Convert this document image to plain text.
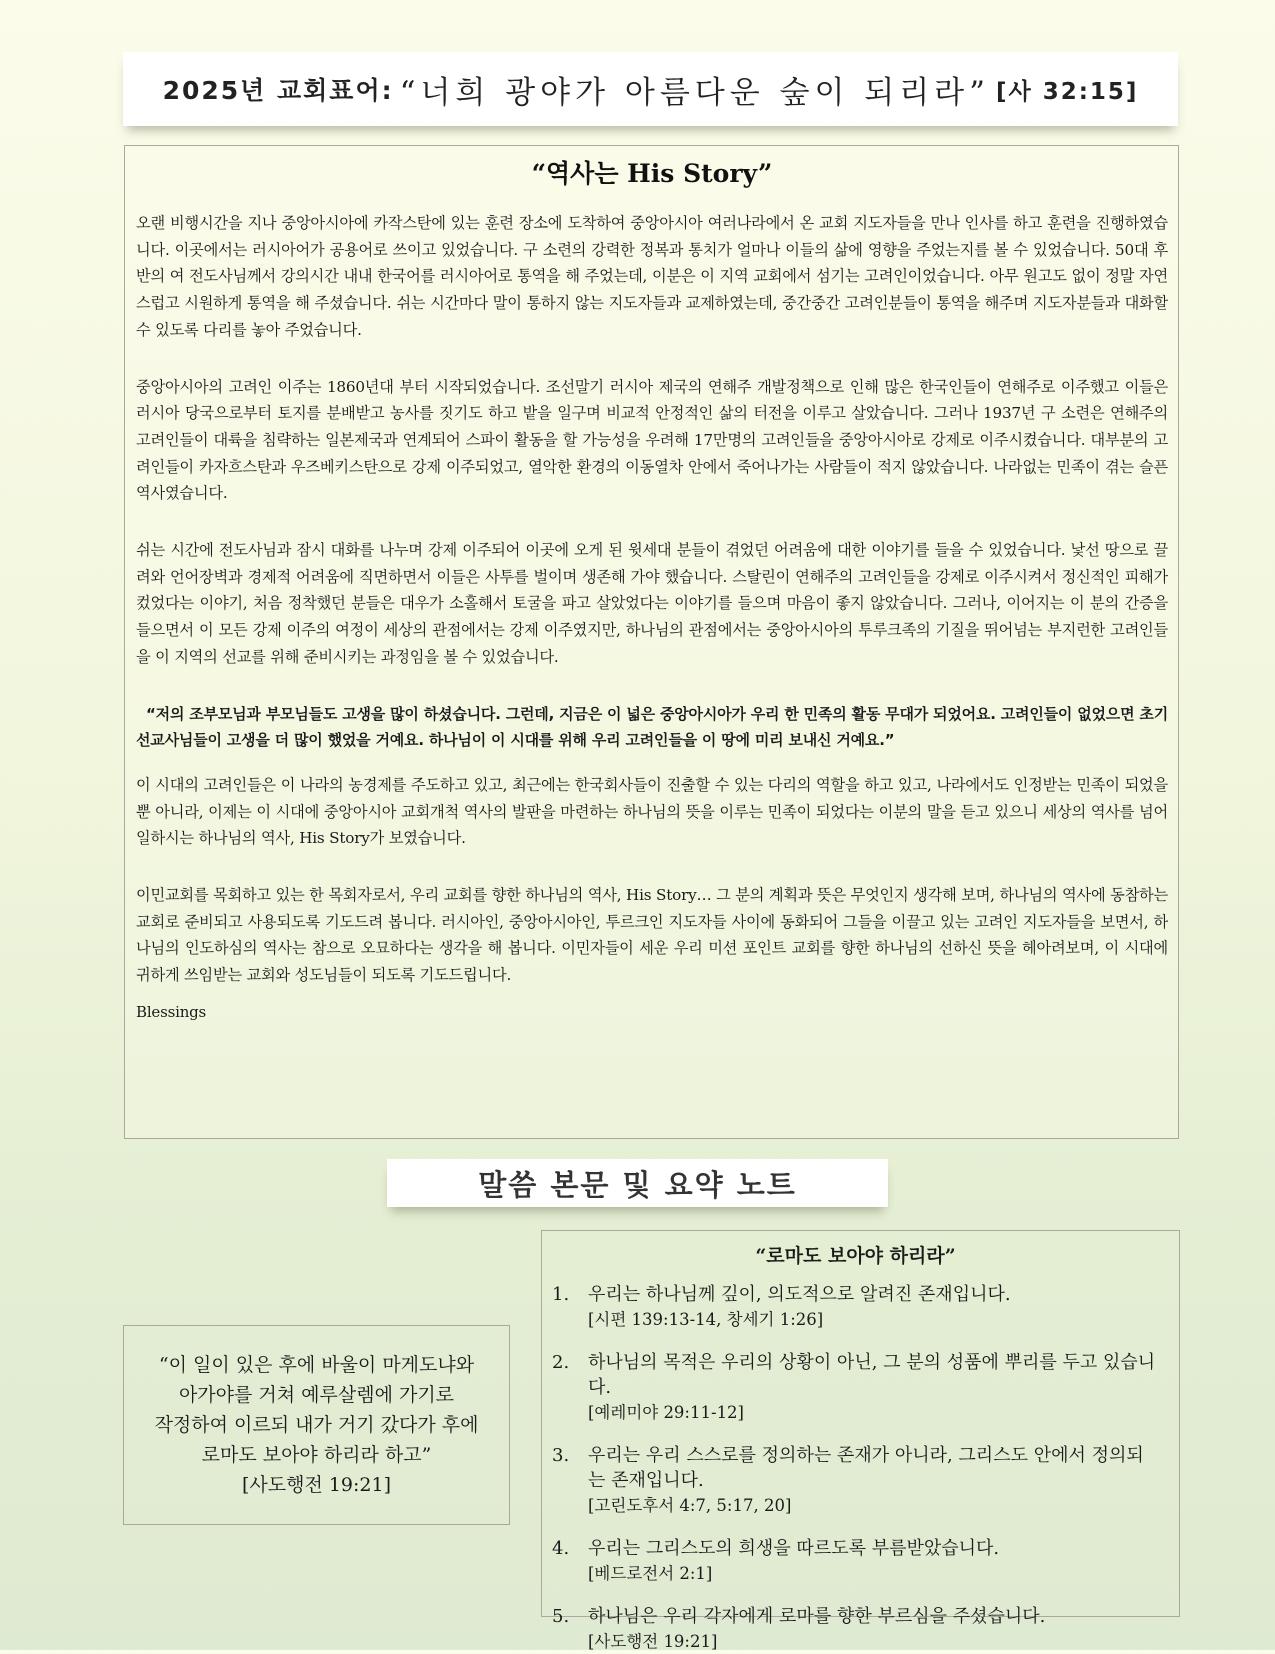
2025년 교회표어: “너희 광야가 아름다운 숲이 되리라” [사 32:15]
“역사는 His Story”

오랜 비행시간을 지나 중앙아시아에 카작스탄에 있는 훈련 장소에 도착하여 중앙아시아 여러나라에서 온 교회 지도자들을 만나 인사를 하고 훈련을 진행하였습니다. 이곳에서는 러시아어가 공용어로 쓰이고 있었습니다. 구 소련의 강력한 정복과 통치가 얼마나 이들의 삶에 영향을 주었는지를 볼 수 있었습니다. 50대 후반의 여 전도사님께서 강의시간 내내 한국어를 러시아어로 통역을 해 주었는데, 이분은 이 지역 교회에서 섬기는 고려인이었습니다. 아무 원고도 없이 정말 자연스럽고 시원하게 통역을 해 주셨습니다. 쉬는 시간마다 말이 통하지 않는 지도자들과 교제하였는데, 중간중간 고려인분들이 통역을 해주며 지도자분들과 대화할 수 있도록 다리를 놓아 주었습니다.

중앙아시아의 고려인 이주는 1860년대 부터 시작되었습니다. 조선말기 러시아 제국의 연해주 개발정책으로 인해 많은 한국인들이 연해주로 이주했고 이들은 러시아 당국으로부터 토지를 분배받고 농사를 짓기도 하고 밭을 일구며 비교적 안정적인 삶의 터전을 이루고 살았습니다. 그러나 1937년 구 소련은 연해주의 고려인들이 대륙을 침략하는 일본제국과 연계되어 스파이 활동을 할 가능성을 우려해 17만명의 고려인들을 중앙아시아로 강제로 이주시켰습니다. 대부분의 고려인들이 카자흐스탄과 우즈베키스탄으로 강제 이주되었고, 열악한 환경의 이동열차 안에서 죽어나가는 사람들이 적지 않았습니다. 나라없는 민족이 겪는 슬픈 역사였습니다.

쉬는 시간에 전도사님과 잠시 대화를 나누며 강제 이주되어 이곳에 오게 된 윗세대 분들이 겪었던 어려움에 대한 이야기를 들을 수 있었습니다. 낯선 땅으로 끌려와 언어장벽과 경제적 어려움에 직면하면서 이들은 사투를 벌이며 생존해 가야 했습니다. 스탈린이 연해주의 고려인들을 강제로 이주시켜서 정신적인 피해가 컸었다는 이야기, 처음 정착했던 분들은 대우가 소홀해서 토굴을 파고 살았었다는 이야기를 들으며 마음이 좋지 않았습니다. 그러나, 이어지는 이 분의 간증을 들으면서 이 모든 강제 이주의 여정이 세상의 관점에서는 강제 이주였지만, 하나님의 관점에서는 중앙아시아의 투루크족의 기질을 뛰어넘는 부지런한 고려인들을 이 지역의 선교를 위해 준비시키는 과정임을 볼 수 있었습니다.

“저의 조부모님과 부모님들도 고생을 많이 하셨습니다. 그런데, 지금은 이 넓은 중앙아시아가 우리 한 민족의 활동 무대가 되었어요. 고려인들이 없었으면 초기 선교사님들이 고생을 더 많이 했었을 거예요. 하나님이 이 시대를 위해 우리 고려인들을 이 땅에 미리 보내신 거예요.”

이 시대의 고려인들은 이 나라의 농경제를 주도하고 있고, 최근에는 한국회사들이 진출할 수 있는 다리의 역할을 하고 있고, 나라에서도 인정받는 민족이 되었을 뿐 아니라, 이제는 이 시대에 중앙아시아 교회개척 역사의 발판을 마련하는 하나님의 뜻을 이루는 민족이 되었다는 이분의 말을 듣고 있으니 세상의 역사를 넘어 일하시는 하나님의 역사, His Story가 보였습니다.

이민교회를 목회하고 있는 한 목회자로서, 우리 교회를 향한 하나님의 역사, His Story… 그 분의 계획과 뜻은 무엇인지 생각해 보며, 하나님의 역사에 동참하는 교회로 준비되고 사용되도록 기도드려 봅니다. 러시아인, 중앙아시아인, 투르크인 지도자들 사이에 동화되어 그들을 이끌고 있는 고려인 지도자들을 보면서, 하나님의 인도하심의 역사는 참으로 오묘하다는 생각을 해 봅니다. 이민자들이 세운 우리 미션 포인트 교회를 향한 하나님의 선하신 뜻을 헤아려보며, 이 시대에 귀하게 쓰임받는 교회와 성도님들이 되도록 기도드립니다.

Blessings

말씀 본문 및 요약 노트
“이 일이 있은 후에 바울이 마게도냐와
아가야를 거쳐 예루살렘에 가기로
작정하여 이르되 내가 거기 갔다가 후에
로마도 보아야 하리라 하고”
[사도행전 19:21]
“로마도 보아야 하리라”
1. 우리는 하나님께 깊이, 의도적으로 알려진 존재입니다.
[시편 139:13-14, 창세기 1:26]
2. 하나님의 목적은 우리의 상황이 아닌, 그 분의 성품에 뿌리를 두고 있습니다.
[예레미야 29:11-12]
3. 우리는 우리 스스로를 정의하는 존재가 아니라, 그리스도 안에서 정의되는 존재입니다.
[고린도후서 4:7, 5:17, 20]
4. 우리는 그리스도의 희생을 따르도록 부름받았습니다.
[베드로전서 2:1]
5. 하나님은 우리 각자에게 로마를 향한 부르심을 주셨습니다.
[사도행전 19:21]
